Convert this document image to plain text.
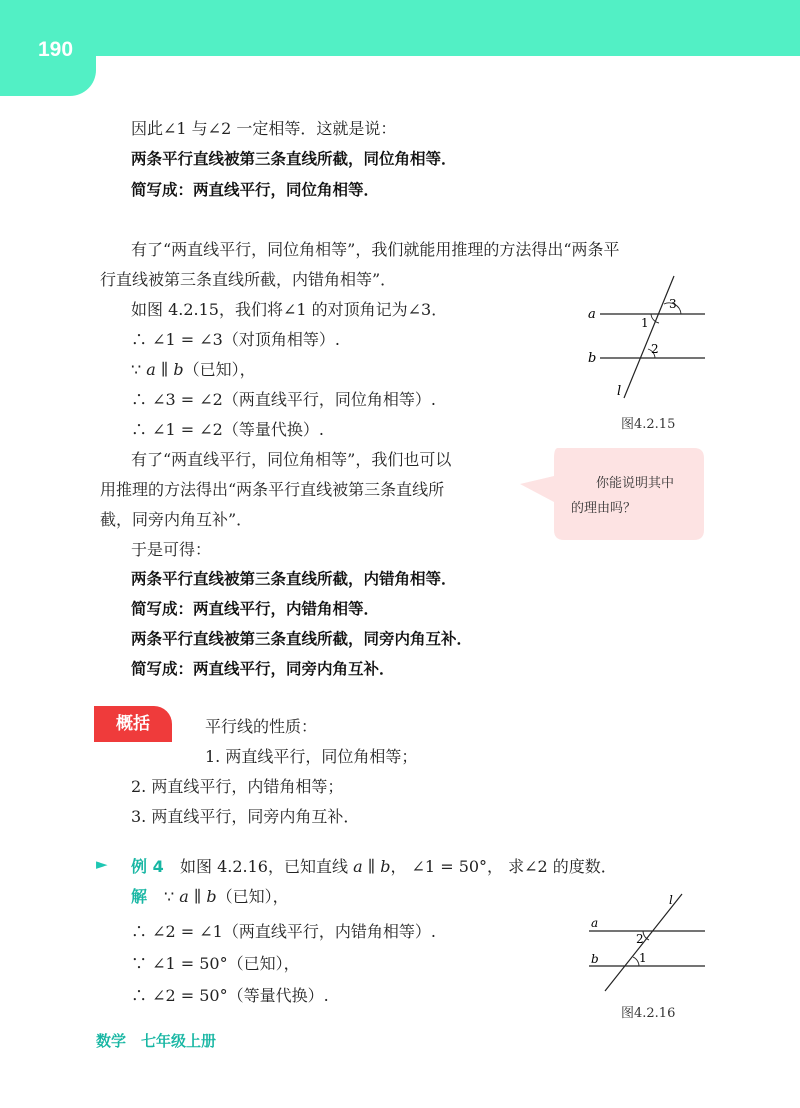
190
因此∠1 与∠2 一定相等．这就是说：
两条平行直线被第三条直线所截，同位角相等．
简写成：两直线平行，同位角相等．
有了“两直线平行，同位角相等”，我们就能用推理的方法得出“两条平
行直线被第三条直线所截，内错角相等”．
如图 4.2.15，我们将∠1 的对顶角记为∠3．
∴ ∠1 = ∠3（对顶角相等）.
∵ a ∥ b（已知），
∴ ∠3 = ∠2（两直线平行，同位角相等）.
∴ ∠1 = ∠2（等量代换）.
a
b
l
3
1
2
图4.2.15
有了“两直线平行，同位角相等”，我们也可以
用推理的方法得出“两条平行直线被第三条直线所
截，同旁内角互补”．
你能说明其中
的理由吗？
于是可得：
两条平行直线被第三条直线所截，内错角相等．
简写成：两直线平行，内错角相等．
两条平行直线被第三条直线所截，同旁内角互补．
简写成：两直线平行，同旁内角互补．
概括	平行线的性质：
1. 两直线平行，同位角相等；
2. 两直线平行，内错角相等；
3. 两直线平行，同旁内角互补．
► 例 4 如图 4.2.16，已知直线 a ∥ b， ∠1 = 50°， 求∠2 的度数．
解 ∵ a ∥ b（已知），
∴ ∠2 = ∠1（两直线平行，内错角相等）.
∵ ∠1 = 50°（已知），
∴ ∠2 = 50°（等量代换）.
a
b
l
2
1
图4.2.16
数学　七年级上册
